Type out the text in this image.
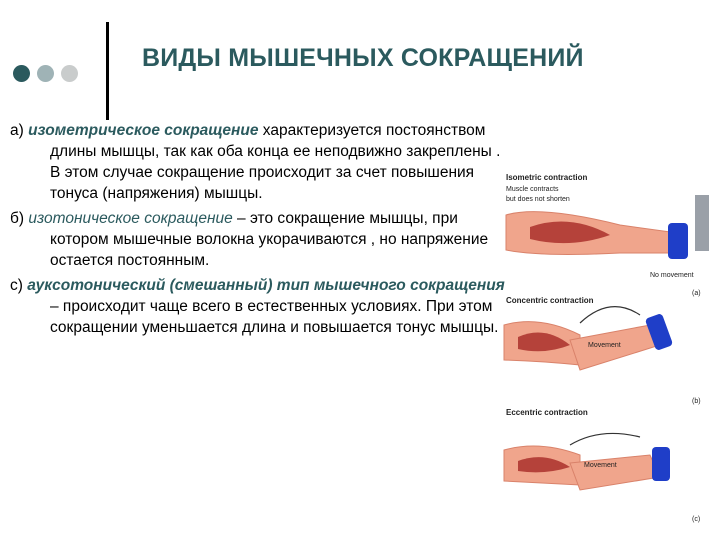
ВИДЫ МЫШЕЧНЫХ СОКРАЩЕНИЙ

а) изометрическое сокращение характеризуется постоянством длины мышцы, так как оба конца ее неподвижно закреплены . В этом случае сокращение происходит за счет повышения тонуса (напряжения) мышцы.

б) изотоническое сокращение – это сокращение мышцы, при котором мышечные волокна укорачиваются , но напряжение остается постоянным.

с) ауксотонический (смешанный) тип мышечного сокращения – происходит чаще всего в естественных условиях. При этом сокращении уменьшается длина и повышается тонус мышцы.

Isometric contraction
Muscle contracts
but does not shorten
No movement
(a)
Concentric contraction
Movement
(b)
Eccentric contraction
Movement
(c)
